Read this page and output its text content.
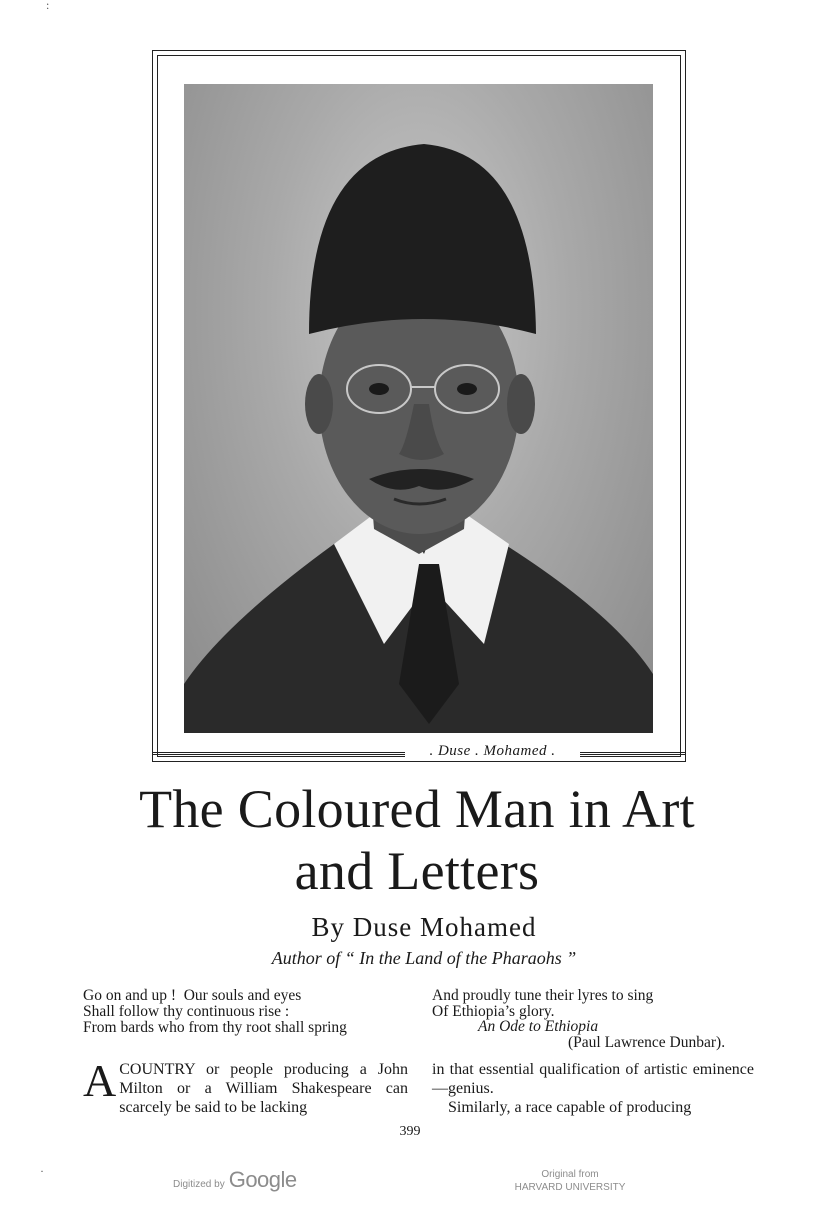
:
·
. Duse . Mohamed .
The Coloured Man in Art
and Letters
By Duse Mohamed
Author of “ In the Land of the Pharaohs ”
Go on and up !  Our souls and eyes
Shall follow thy continuous rise :
From bards who from thy root shall spring
And proudly tune their lyres to sing
Of Ethiopia’s glory.
An Ode to Ethiopia
(Paul Lawrence Dunbar).
A COUNTRY or people producing a John Milton or a William Shakespeare can scarcely be said to be lacking
in that essential qualification of artistic eminence—genius.
Similarly, a race capable of producing
399
Digitized by Google	Original from
HARVARD UNIVERSITY
